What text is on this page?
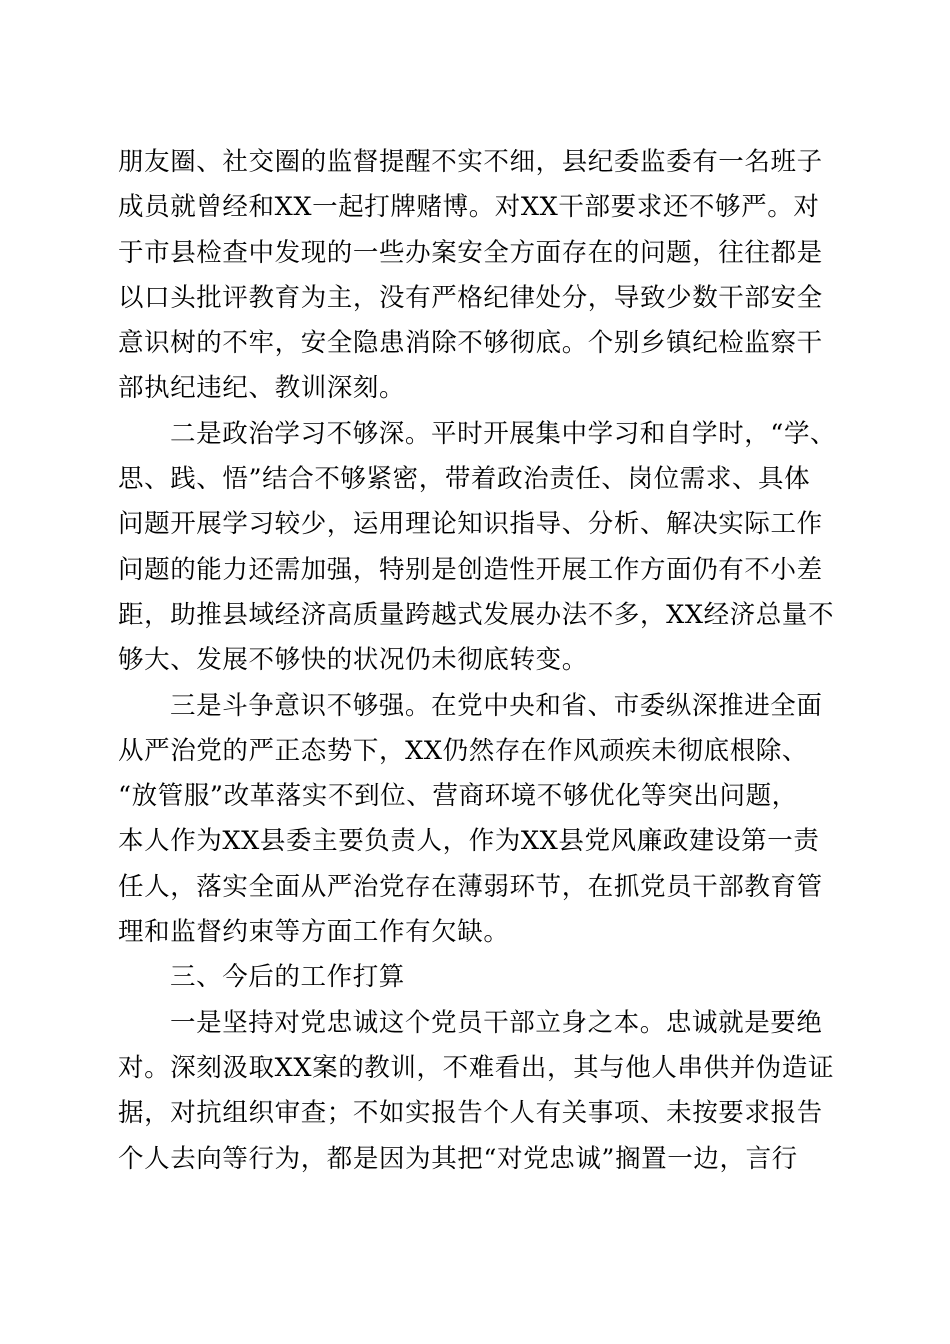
朋友圈、社交圈的监督提醒不实不细，县纪委监委有一名班子
成员就曾经和XX一起打牌赌博。对XX干部要求还不够严。对
于市县检查中发现的一些办案安全方面存在的问题，往往都是
以口头批评教育为主，没有严格纪律处分，导致少数干部安全
意识树的不牢，安全隐患消除不够彻底。个别乡镇纪检监察干
部执纪违纪、教训深刻。
二是政治学习不够深。平时开展集中学习和自学时，“学、
思、践、悟”结合不够紧密，带着政治责任、岗位需求、具体
问题开展学习较少，运用理论知识指导、分析、解决实际工作
问题的能力还需加强，特别是创造性开展工作方面仍有不小差
距，助推县域经济高质量跨越式发展办法不多，XX经济总量不
够大、发展不够快的状况仍未彻底转变。
三是斗争意识不够强。在党中央和省、市委纵深推进全面
从严治党的严正态势下，XX仍然存在作风顽疾未彻底根除、
“放管服”改革落实不到位、营商环境不够优化等突出问题，
本人作为XX县委主要负责人，作为XX县党风廉政建设第一责
任人，落实全面从严治党存在薄弱环节，在抓党员干部教育管
理和监督约束等方面工作有欠缺。
三、今后的工作打算
一是坚持对党忠诚这个党员干部立身之本。忠诚就是要绝
对。深刻汲取XX案的教训，不难看出，其与他人串供并伪造证
据，对抗组织审查；不如实报告个人有关事项、未按要求报告
个人去向等行为，都是因为其把“对党忠诚”搁置一边，言行
